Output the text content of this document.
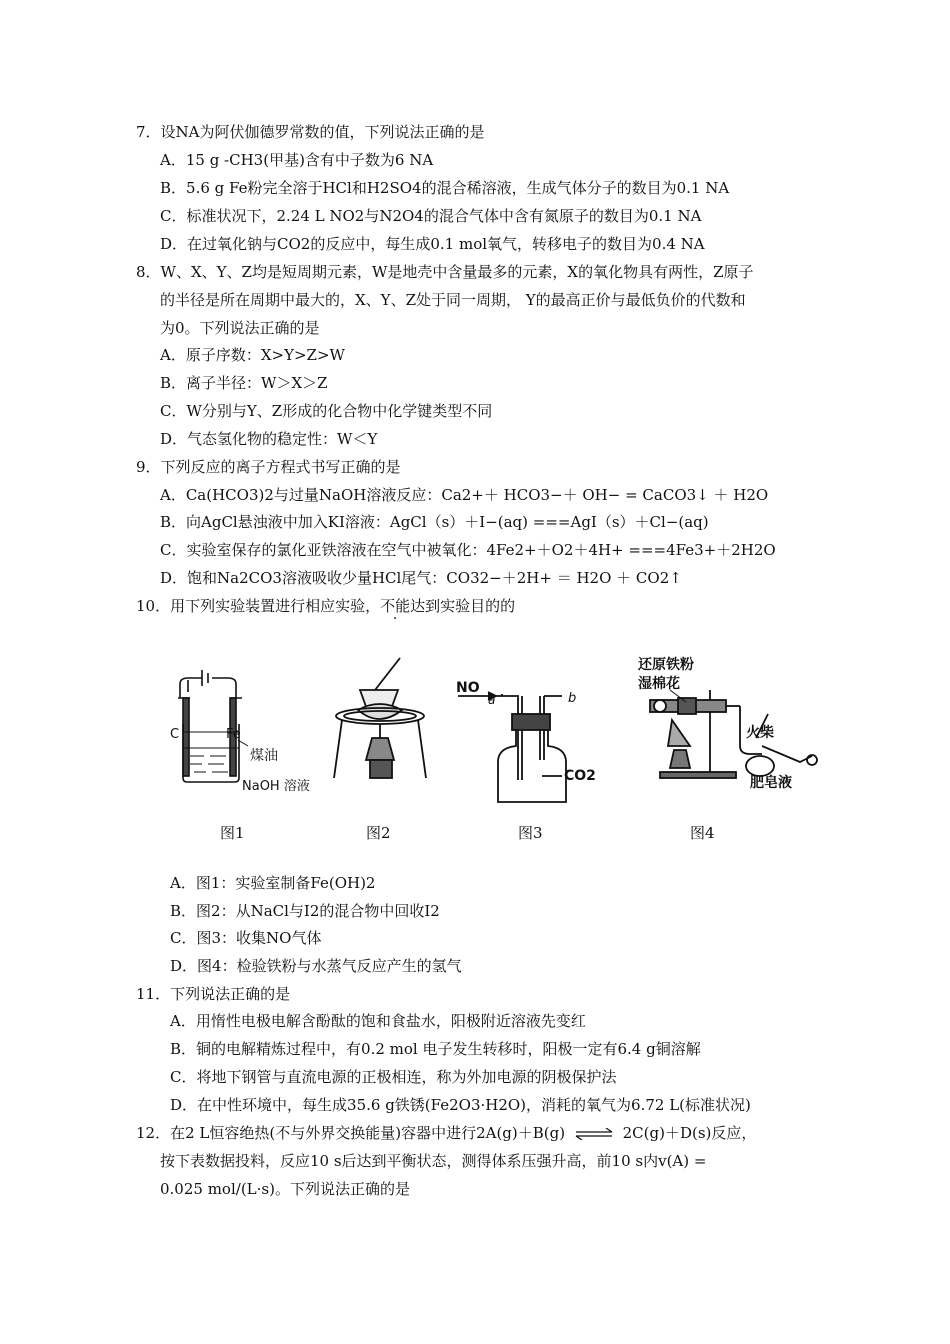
7．设NA为阿伏伽德罗常数的值，下列说法正确的是
A．15 g -CH3(甲基)含有中子数为6 NA
B．5.6 g Fe粉完全溶于HCl和H2SO4的混合稀溶液，生成气体分子的数目为0.1 NA
C．标准状况下，2.24 L NO2与N2O4的混合气体中含有氮原子的数目为0.1 NA
D．在过氧化钠与CO2的反应中，每生成0.1 mol氧气，转移电子的数目为0.4 NA
8．W、X、Y、Z均是短周期元素，W是地壳中含量最多的元素，X的氧化物具有两性，Z原子
的半径是所在周期中最大的，X、Y、Z处于同一周期， Y的最高正价与最低负价的代数和
为0。下列说法正确的是
A．原子序数：X>Y>Z>W
B．离子半径：W＞X＞Z
C．W分别与Y、Z形成的化合物中化学键类型不同
D．气态氢化物的稳定性：W＜Y
9．下列反应的离子方程式书写正确的是
A．Ca(HCO3)2与过量NaOH溶液反应：Ca2+＋ HCO3−＋ OH− = CaCO3↓ ＋ H2O
B．向AgCl悬浊液中加入KI溶液：AgCl（s）＋I−(aq) ===AgI（s）＋Cl−(aq)
C．实验室保存的氯化亚铁溶液在空气中被氧化：4Fe2+＋O2＋4H+ ===4Fe3+＋2H2O
D．饱和Na2CO3溶液吸收少量HCl尾气：CO32−＋2H+ ＝ H2O ＋ CO2↑
10．用下列实验装置进行相应实验，不能达到实验目的的
C	Fe
煤油
NaOH 溶液
NO
a	b
CO2
还原铁粉
湿棉花
火柴
肥皂液
图1	图2	图3	图4
A．图1：实验室制备Fe(OH)2
B．图2：从NaCl与I2的混合物中回收I2
C．图3：收集NO气体
D．图4：检验铁粉与水蒸气反应产生的氢气
11．下列说法正确的是
A．用惰性电极电解含酚酞的饱和食盐水，阳极附近溶液先变红
B．铜的电解精炼过程中，有0.2 mol 电子发生转移时，阳极一定有6.4 g铜溶解
C．将地下钢管与直流电源的正极相连，称为外加电源的阴极保护法
D．在中性环境中，每生成35.6 g铁锈(Fe2O3·H2O)，消耗的氧气为6.72 L(标准状况)
12．在2 L恒容绝热(不与外界交换能量)容器中进行2A(g)＋B(g) ⇌ 2C(g)＋D(s)反应，
按下表数据投料，反应10 s后达到平衡状态，测得体系压强升高，前10 s内v(A) =
0.025 mol/(L·s)。下列说法正确的是
